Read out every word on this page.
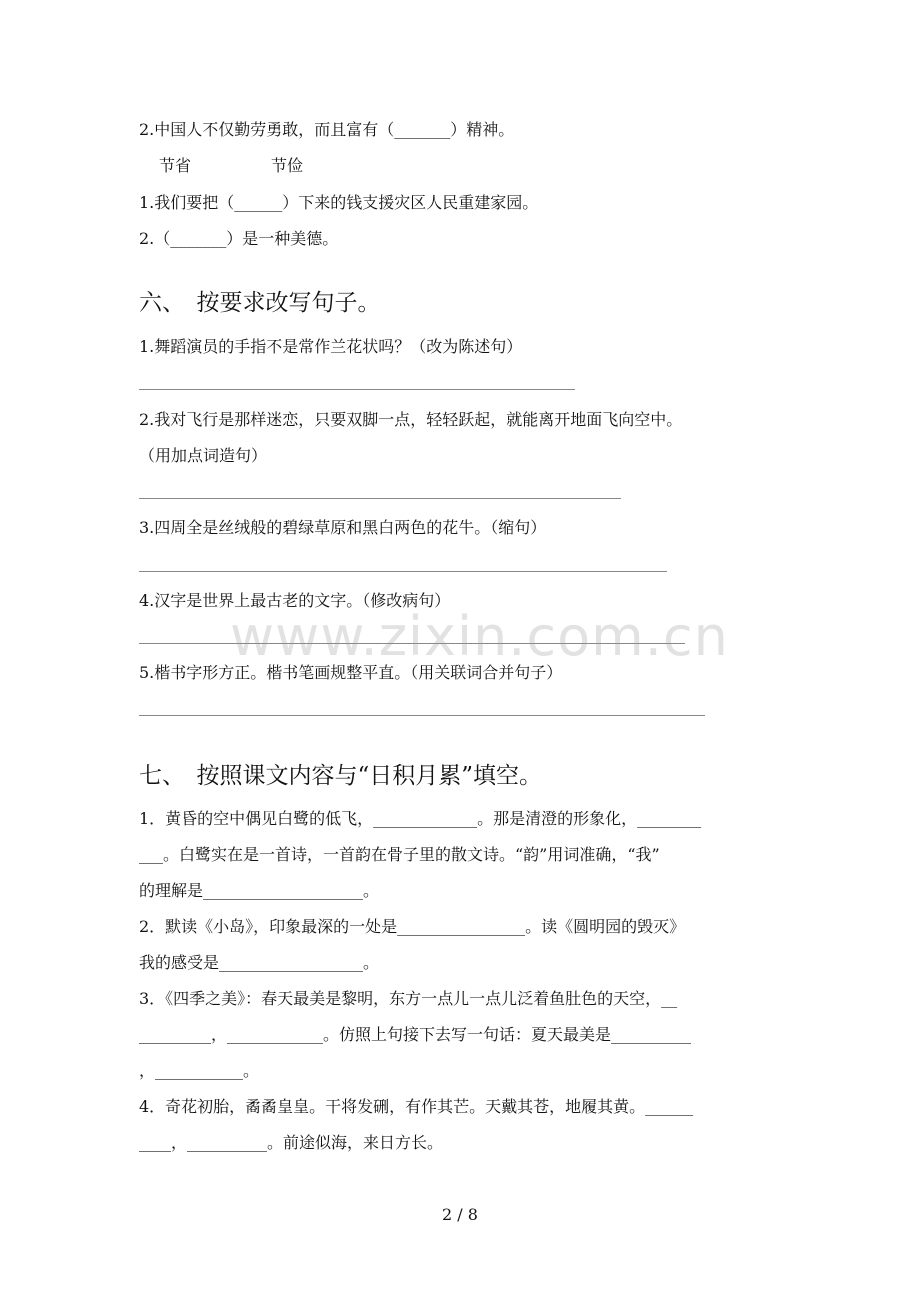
2.中国人不仅勤劳勇敢，而且富有（_______）精神。
节省　　　　　节俭
1.我们要把（______）下来的钱支援灾区人民重建家园。
2.（_______）是一种美德。
六、　按要求改写句子。
1.舞蹈演员的手指不是常作兰花状吗？（改为陈述句）
2.我对飞行是那样迷恋，只要双脚一点，轻轻跃起，就能离开地面飞向空中。
（用加点词造句）
3.四周全是丝绒般的碧绿草原和黑白两色的花牛。（缩句）
4.汉字是世界上最古老的文字。（修改病句）
5.楷书字形方正。楷书笔画规整平直。（用关联词合并句子）
七、　按照课文内容与“日积月累”填空。
1．黄昏的空中偶见白鹭的低飞，_____________。那是清澄的形象化，________
___。白鹭实在是一首诗，一首韵在骨子里的散文诗。“韵”用词准确，“我”
的理解是____________________。
2．默读《小岛》，印象最深的一处是________________。读《圆明园的毁灭》
我的感受是__________________。
3．《四季之美》：春天最美是黎明，东方一点儿一点儿泛着鱼肚色的天空，__
_________，____________。仿照上句接下去写一句话：夏天最美是__________
，___________。
4．奇花初胎，矞矞皇皇。干将发硎，有作其芒。天戴其苍，地履其黄。______
____，__________。前途似海，来日方长。
www.zixin.com.cn
2 / 8
